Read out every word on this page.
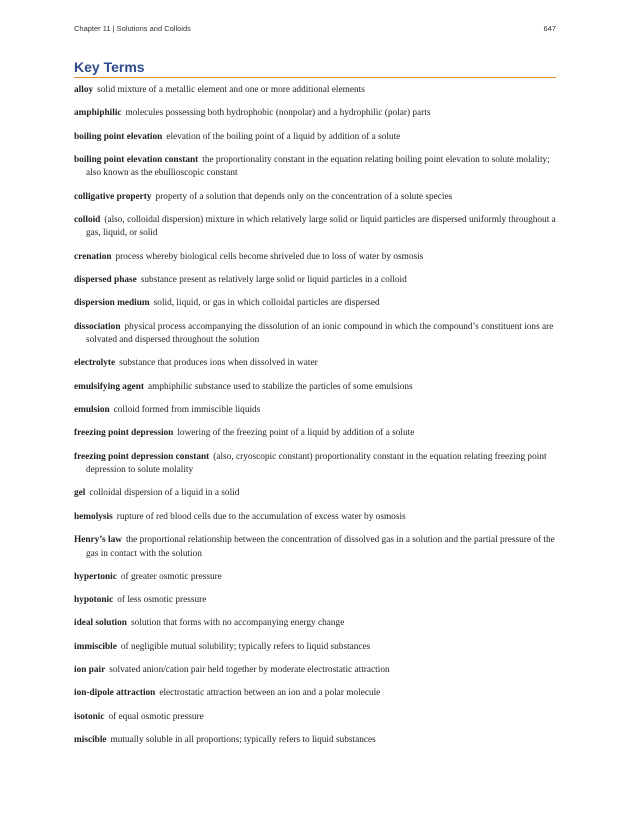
Chapter 11 | Solutions and Colloids	647
Key Terms

alloy solid mixture of a metallic element and one or more additional elements

amphiphilic molecules possessing both hydrophobic (nonpolar) and a hydrophilic (polar) parts

boiling point elevation elevation of the boiling point of a liquid by addition of a solute

boiling point elevation constant the proportionality constant in the equation relating boiling point elevation to solute molality; also known as the ebullioscopic constant

colligative property property of a solution that depends only on the concentration of a solute species

colloid (also, colloidal dispersion) mixture in which relatively large solid or liquid particles are dispersed uniformly throughout a gas, liquid, or solid

crenation process whereby biological cells become shriveled due to loss of water by osmosis

dispersed phase substance present as relatively large solid or liquid particles in a colloid

dispersion medium solid, liquid, or gas in which colloidal particles are dispersed

dissociation physical process accompanying the dissolution of an ionic compound in which the compound’s constituent ions are solvated and dispersed throughout the solution

electrolyte substance that produces ions when dissolved in water

emulsifying agent amphiphilic substance used to stabilize the particles of some emulsions

emulsion colloid formed from immiscible liquids

freezing point depression lowering of the freezing point of a liquid by addition of a solute

freezing point depression constant (also, cryoscopic constant) proportionality constant in the equation relating freezing point depression to solute molality

gel colloidal dispersion of a liquid in a solid

hemolysis rupture of red blood cells due to the accumulation of excess water by osmosis

Henry’s law the proportional relationship between the concentration of dissolved gas in a solution and the partial pressure of the gas in contact with the solution

hypertonic of greater osmotic pressure

hypotonic of less osmotic pressure

ideal solution solution that forms with no accompanying energy change

immiscible of negligible mutual solubility; typically refers to liquid substances

ion pair solvated anion/cation pair held together by moderate electrostatic attraction

ion-dipole attraction electrostatic attraction between an ion and a polar molecule

isotonic of equal osmotic pressure

miscible mutually soluble in all proportions; typically refers to liquid substances
